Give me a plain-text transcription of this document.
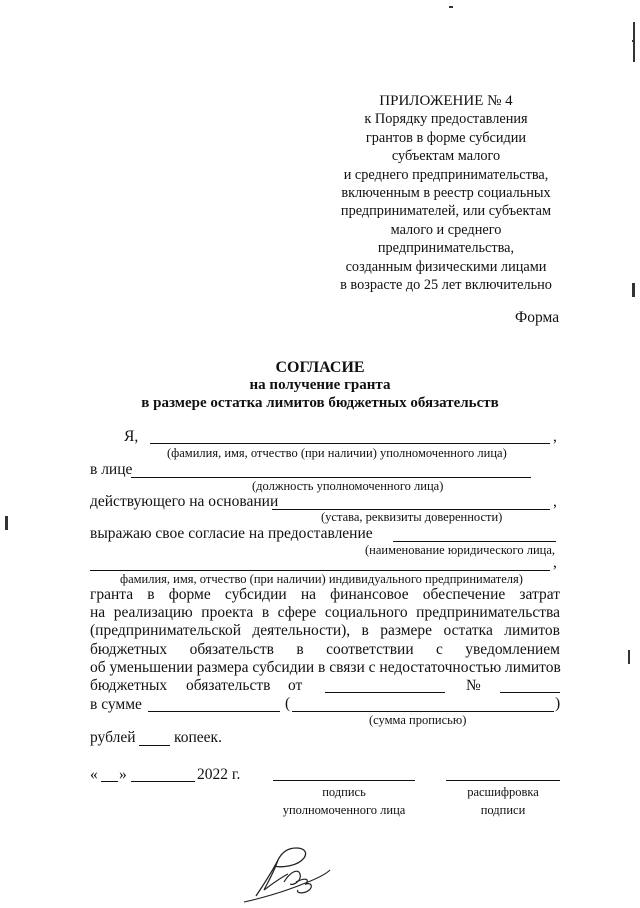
ПРИЛОЖЕНИЕ № 4
к Порядку предоставления
грантов в форме субсидии
субъектам малого
и среднего предпринимательства,
включенным в реестр социальных
предпринимателей, или субъектам
малого и среднего
предпринимательства,
созданным физическими лицами
в возрасте до 25 лет включительно
Форма
СОГЛАСИЕ
на получение гранта
в размере остатка лимитов бюджетных обязательств
Я,	,
(фамилия, имя, отчество (при наличии) уполномоченного лица)
в лице
(должность уполномоченного лица)
действующего на основании	,
(устава, реквизиты доверенности)
выражаю свое согласие на предоставление
(наименование юридического лица,
,
фамилия, имя, отчество (при наличии) индивидуального предпринимателя)
гранта в форме субсидии на финансовое обеспечение затрат
на реализацию проекта в сфере социального предпринимательства
(предпринимательской деятельности), в размере остатка лимитов
бюджетных обязательств в соответствии с уведомлением
об уменьшении размера субсидии в связи с недостаточностью лимитов
бюджетных обязательств от	№
в сумме	(	)
(сумма прописью)
рублей копеек.
« »	2022 г.
подпись
уполномоченного лица
расшифровка
подписи
